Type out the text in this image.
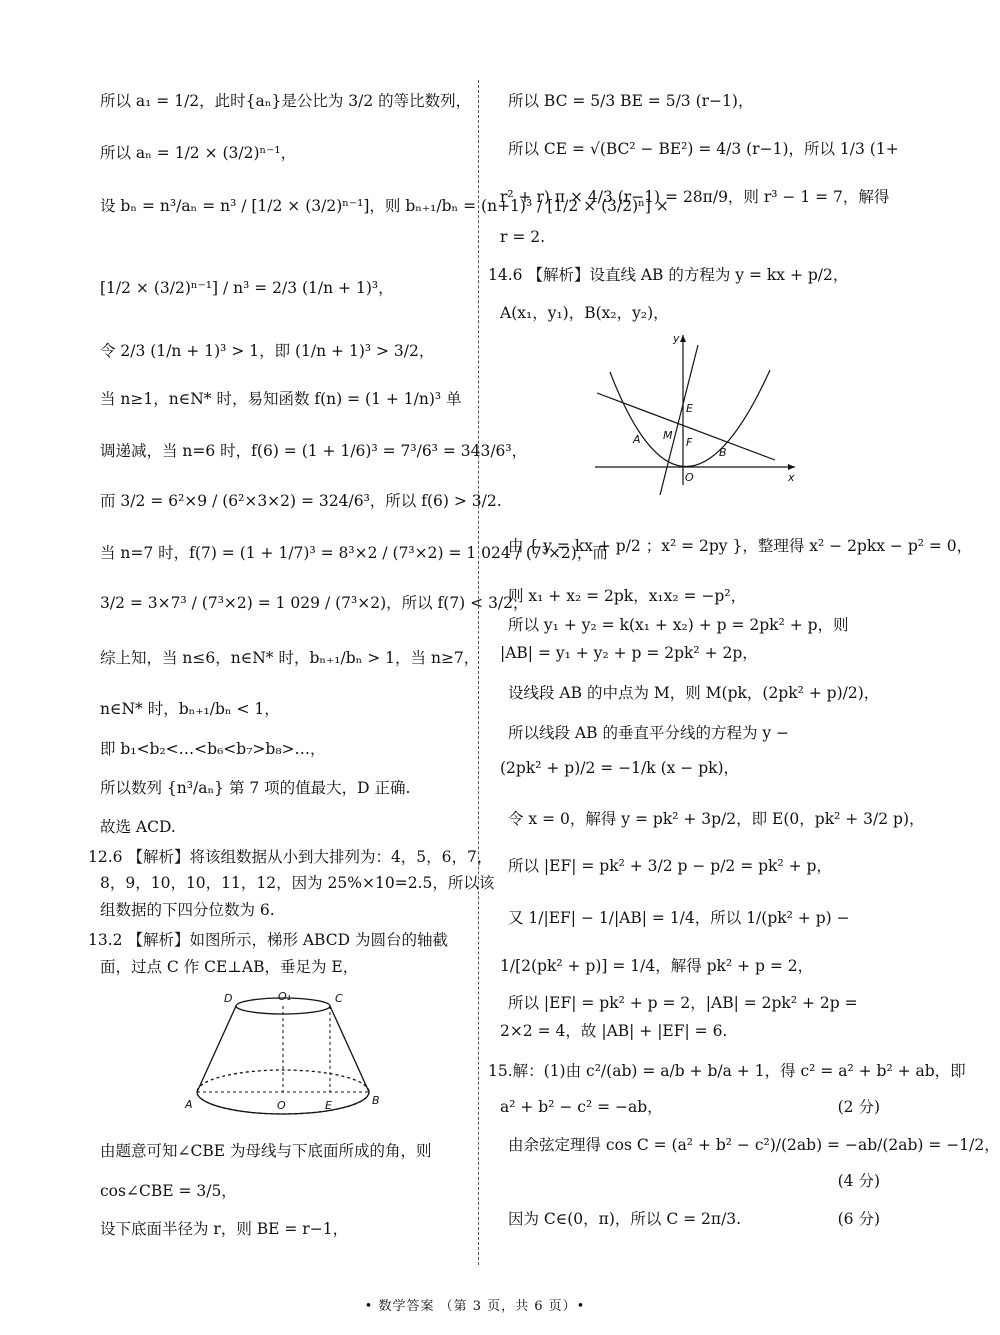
所以 a₁ = 1/2，此时{aₙ}是公比为 3/2 的等比数列，
所以 aₙ = 1/2 × (3/2)ⁿ⁻¹，
设 bₙ = n³/aₙ = n³ / [1/2 × (3/2)ⁿ⁻¹]，则 bₙ₊₁/bₙ = (n+1)³ / [1/2 × (3/2)ⁿ] ×
[1/2 × (3/2)ⁿ⁻¹] / n³ = 2/3 (1/n + 1)³，
令 2/3 (1/n + 1)³ > 1，即 (1/n + 1)³ > 3/2，
当 n≥1，n∈N* 时，易知函数 f(n) = (1 + 1/n)³ 单
调递减，当 n=6 时，f(6) = (1 + 1/6)³ = 7³/6³ = 343/6³，
而 3/2 = 6²×9 / (6²×3×2) = 324/6³，所以 f(6) > 3/2.
当 n=7 时，f(7) = (1 + 1/7)³ = 8³×2 / (7³×2) = 1 024 / (7³×2)，而
3/2 = 3×7³ / (7³×2) = 1 029 / (7³×2)，所以 f(7) < 3/2，
综上知，当 n≤6，n∈N* 时，bₙ₊₁/bₙ > 1，当 n≥7，
n∈N* 时，bₙ₊₁/bₙ < 1，
即 b₁<b₂<…<b₆<b₇>b₈>…，
所以数列 {n³/aₙ} 第 7 项的值最大，D 正确.
故选 ACD.
12.6 【解析】将该组数据从小到大排列为：4，5，6，7，
8，9，10，10，11，12，因为 25%×10=2.5，所以该
组数据的下四分位数为 6.
13.2 【解析】如图所示，梯形 ABCD 为圆台的轴截
面，过点 C 作 CE⊥AB，垂足为 E，
D	O₁	C
A	O	E	B
由题意可知∠CBE 为母线与下底面所成的角，则
cos∠CBE = 3/5，
设下底面半径为 r，则 BE = r−1，
所以 BC = 5/3 BE = 5/3 (r−1)，
所以 CE = √(BC² − BE²) = 4/3 (r−1)，所以 1/3 (1+
r² + r) π × 4/3 (r−1) = 28π/9，则 r³ − 1 = 7，解得
r = 2.
14.6 【解析】设直线 AB 的方程为 y = kx + p/2，
A(x₁，y₁)，B(x₂，y₂)，
y
x
O
E
M
F
A
B
由 { y = kx + p/2 ；x² = 2py }，整理得 x² − 2pkx − p² = 0，
则 x₁ + x₂ = 2pk，x₁x₂ = −p²，
所以 y₁ + y₂ = k(x₁ + x₂) + p = 2pk² + p，则
|AB| = y₁ + y₂ + p = 2pk² + 2p，
设线段 AB 的中点为 M，则 M(pk，(2pk² + p)/2)，
所以线段 AB 的垂直平分线的方程为 y −
(2pk² + p)/2 = −1/k (x − pk)，
令 x = 0，解得 y = pk² + 3p/2，即 E(0，pk² + 3/2 p)，
所以 |EF| = pk² + 3/2 p − p/2 = pk² + p，
又 1/|EF| − 1/|AB| = 1/4，所以 1/(pk² + p) −
1/[2(pk² + p)] = 1/4，解得 pk² + p = 2，
所以 |EF| = pk² + p = 2，|AB| = 2pk² + 2p =
2×2 = 4，故 |AB| + |EF| = 6.
15.解：(1)由 c²/(ab) = a/b + b/a + 1，得 c² = a² + b² + ab，即
a² + b² − c² = −ab，	(2 分)
由余弦定理得 cos C = (a² + b² − c²)/(2ab) = −ab/(2ab) = −1/2，
(4 分)
因为 C∈(0，π)，所以 C = 2π/3.	(6 分)
• 数学答案 （第 3 页，共 6 页）•
